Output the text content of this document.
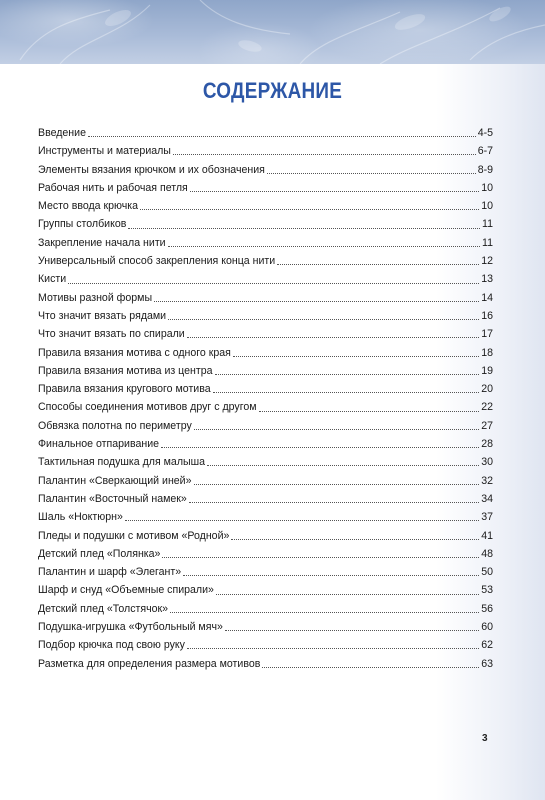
СОДЕРЖАНИЕ
Введение	4-5
Инструменты и материалы	6-7
Элементы вязания крючком и их обозначения	8-9
Рабочая нить и рабочая петля	10
Место ввода крючка	10
Группы столбиков	11
Закрепление начала нити	11
Универсальный способ закрепления конца нити	12
Кисти	13
Мотивы разной формы	14
Что значит вязать рядами	16
Что значит вязать по спирали	17
Правила вязания мотива с одного края	18
Правила вязания мотива из центра	19
Правила вязания кругового мотива	20
Способы соединения мотивов друг с другом	22
Обвязка полотна по периметру	27
Финальное отпаривание	28
Тактильная подушка для малыша	30
Палантин «Сверкающий иней»	32
Палантин «Восточный намек»	34
Шаль «Ноктюрн»	37
Пледы и подушки с мотивом «Родной»	41
Детский плед «Полянка»	48
Палантин и шарф «Элегант»	50
Шарф и снуд «Объемные спирали»	53
Детский плед «Толстячок»	56
Подушка-игрушка «Футбольный мяч»	60
Подбор крючка под свою руку	62
Разметка для определения размера мотивов	63
3
